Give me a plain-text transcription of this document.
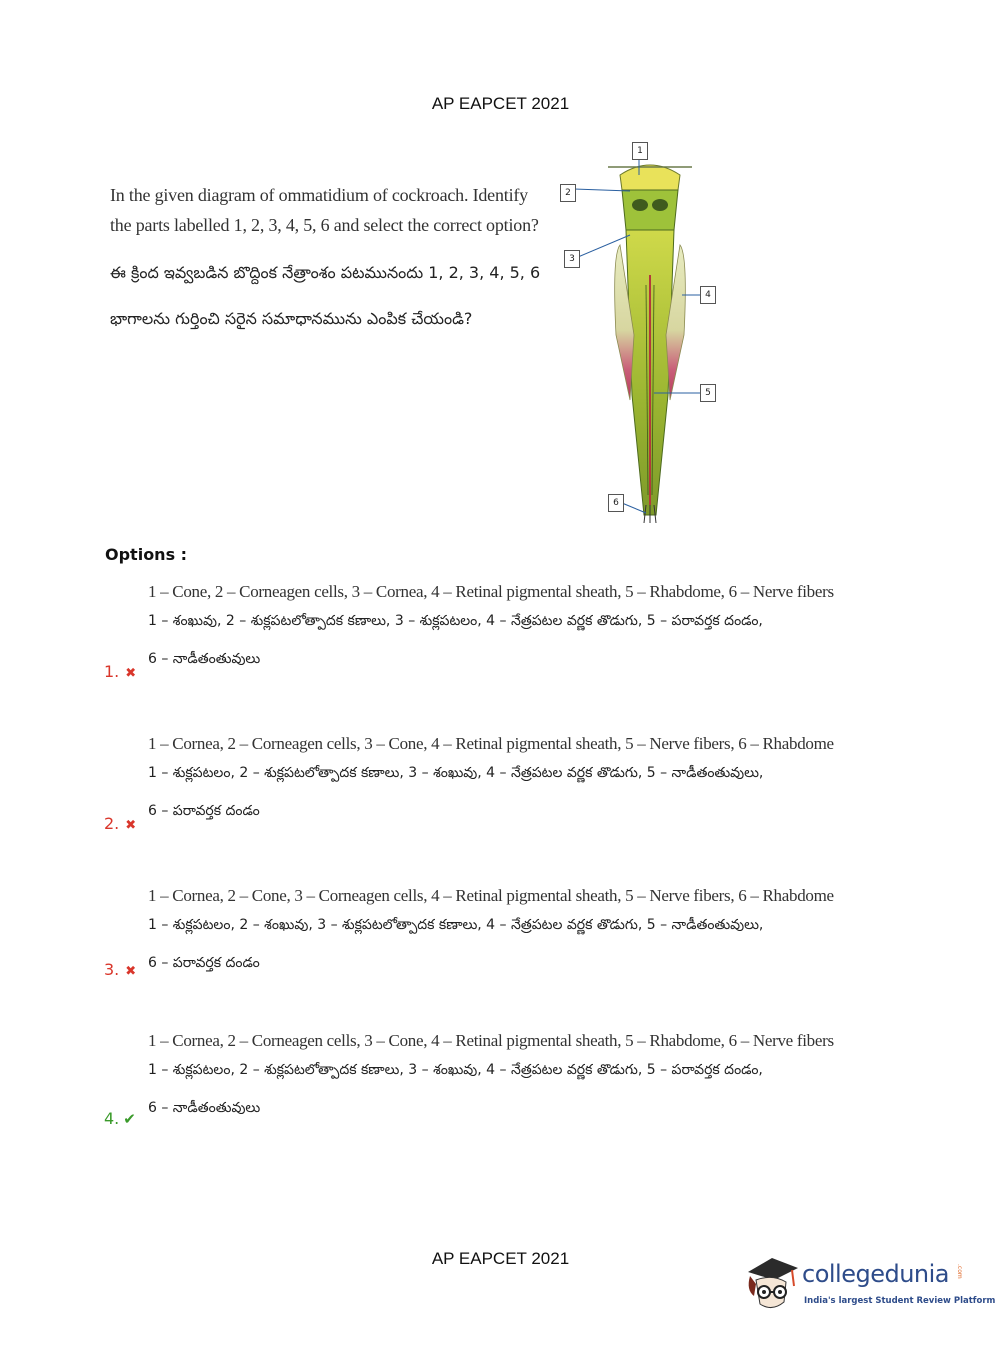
AP EAPCET 2021
In the given diagram of ommatidium of cockroach. Identify the parts labelled 1, 2, 3, 4, 5, 6 and select the correct option?
ఈ క్రింద ఇవ్వబడిన బొద్దింక నేత్రాంశం పటమునందు 1, 2, 3, 4, 5, 6
భాగాలను గుర్తించి సరైన సమాధానమును ఎంపిక చేయండి?
1
2
3
4
5
6
Options :
1 – Cone, 2 – Corneagen cells, 3 – Cornea, 4 – Retinal pigmental sheath, 5 – Rhabdome, 6 – Nerve fibers
1 – శంఖువు, 2 – శుక్లపటలోత్పాదక కణాలు, 3 – శుక్లపటలం, 4 – నేత్రపటల వర్ణక తొడుగు, 5 – పరావర్తక దండం,
6 – నాడీతంతువులు
1. ✖
1 – Cornea, 2 – Corneagen cells, 3 – Cone, 4 – Retinal pigmental sheath, 5 – Nerve fibers, 6 – Rhabdome
1 – శుక్లపటలం, 2 – శుక్లపటలోత్పాదక కణాలు, 3 – శంఖువు, 4 – నేత్రపటల వర్ణక తొడుగు, 5 – నాడీతంతువులు,
6 – పరావర్తక దండం
2. ✖
1 – Cornea, 2 – Cone, 3 – Corneagen cells, 4 – Retinal pigmental sheath, 5 – Nerve fibers, 6 – Rhabdome
1 – శుక్లపటలం, 2 – శంఖువు, 3 – శుక్లపటలోత్పాదక కణాలు, 4 – నేత్రపటల వర్ణక తొడుగు, 5 – నాడీతంతువులు,
6 – పరావర్తక దండం
3. ✖
1 – Cornea, 2 – Corneagen cells, 3 – Cone, 4 – Retinal pigmental sheath, 5 – Rhabdome, 6 – Nerve fibers
1 – శుక్లపటలం, 2 – శుక్లపటలోత్పాదక కణాలు, 3 – శంఖువు, 4 – నేత్రపటల వర్ణక తొడుగు, 5 – పరావర్తక దండం,
6 – నాడీతంతువులు
4. ✔
AP EAPCET 2021
collegedunia .com
India's largest Student Review Platform
